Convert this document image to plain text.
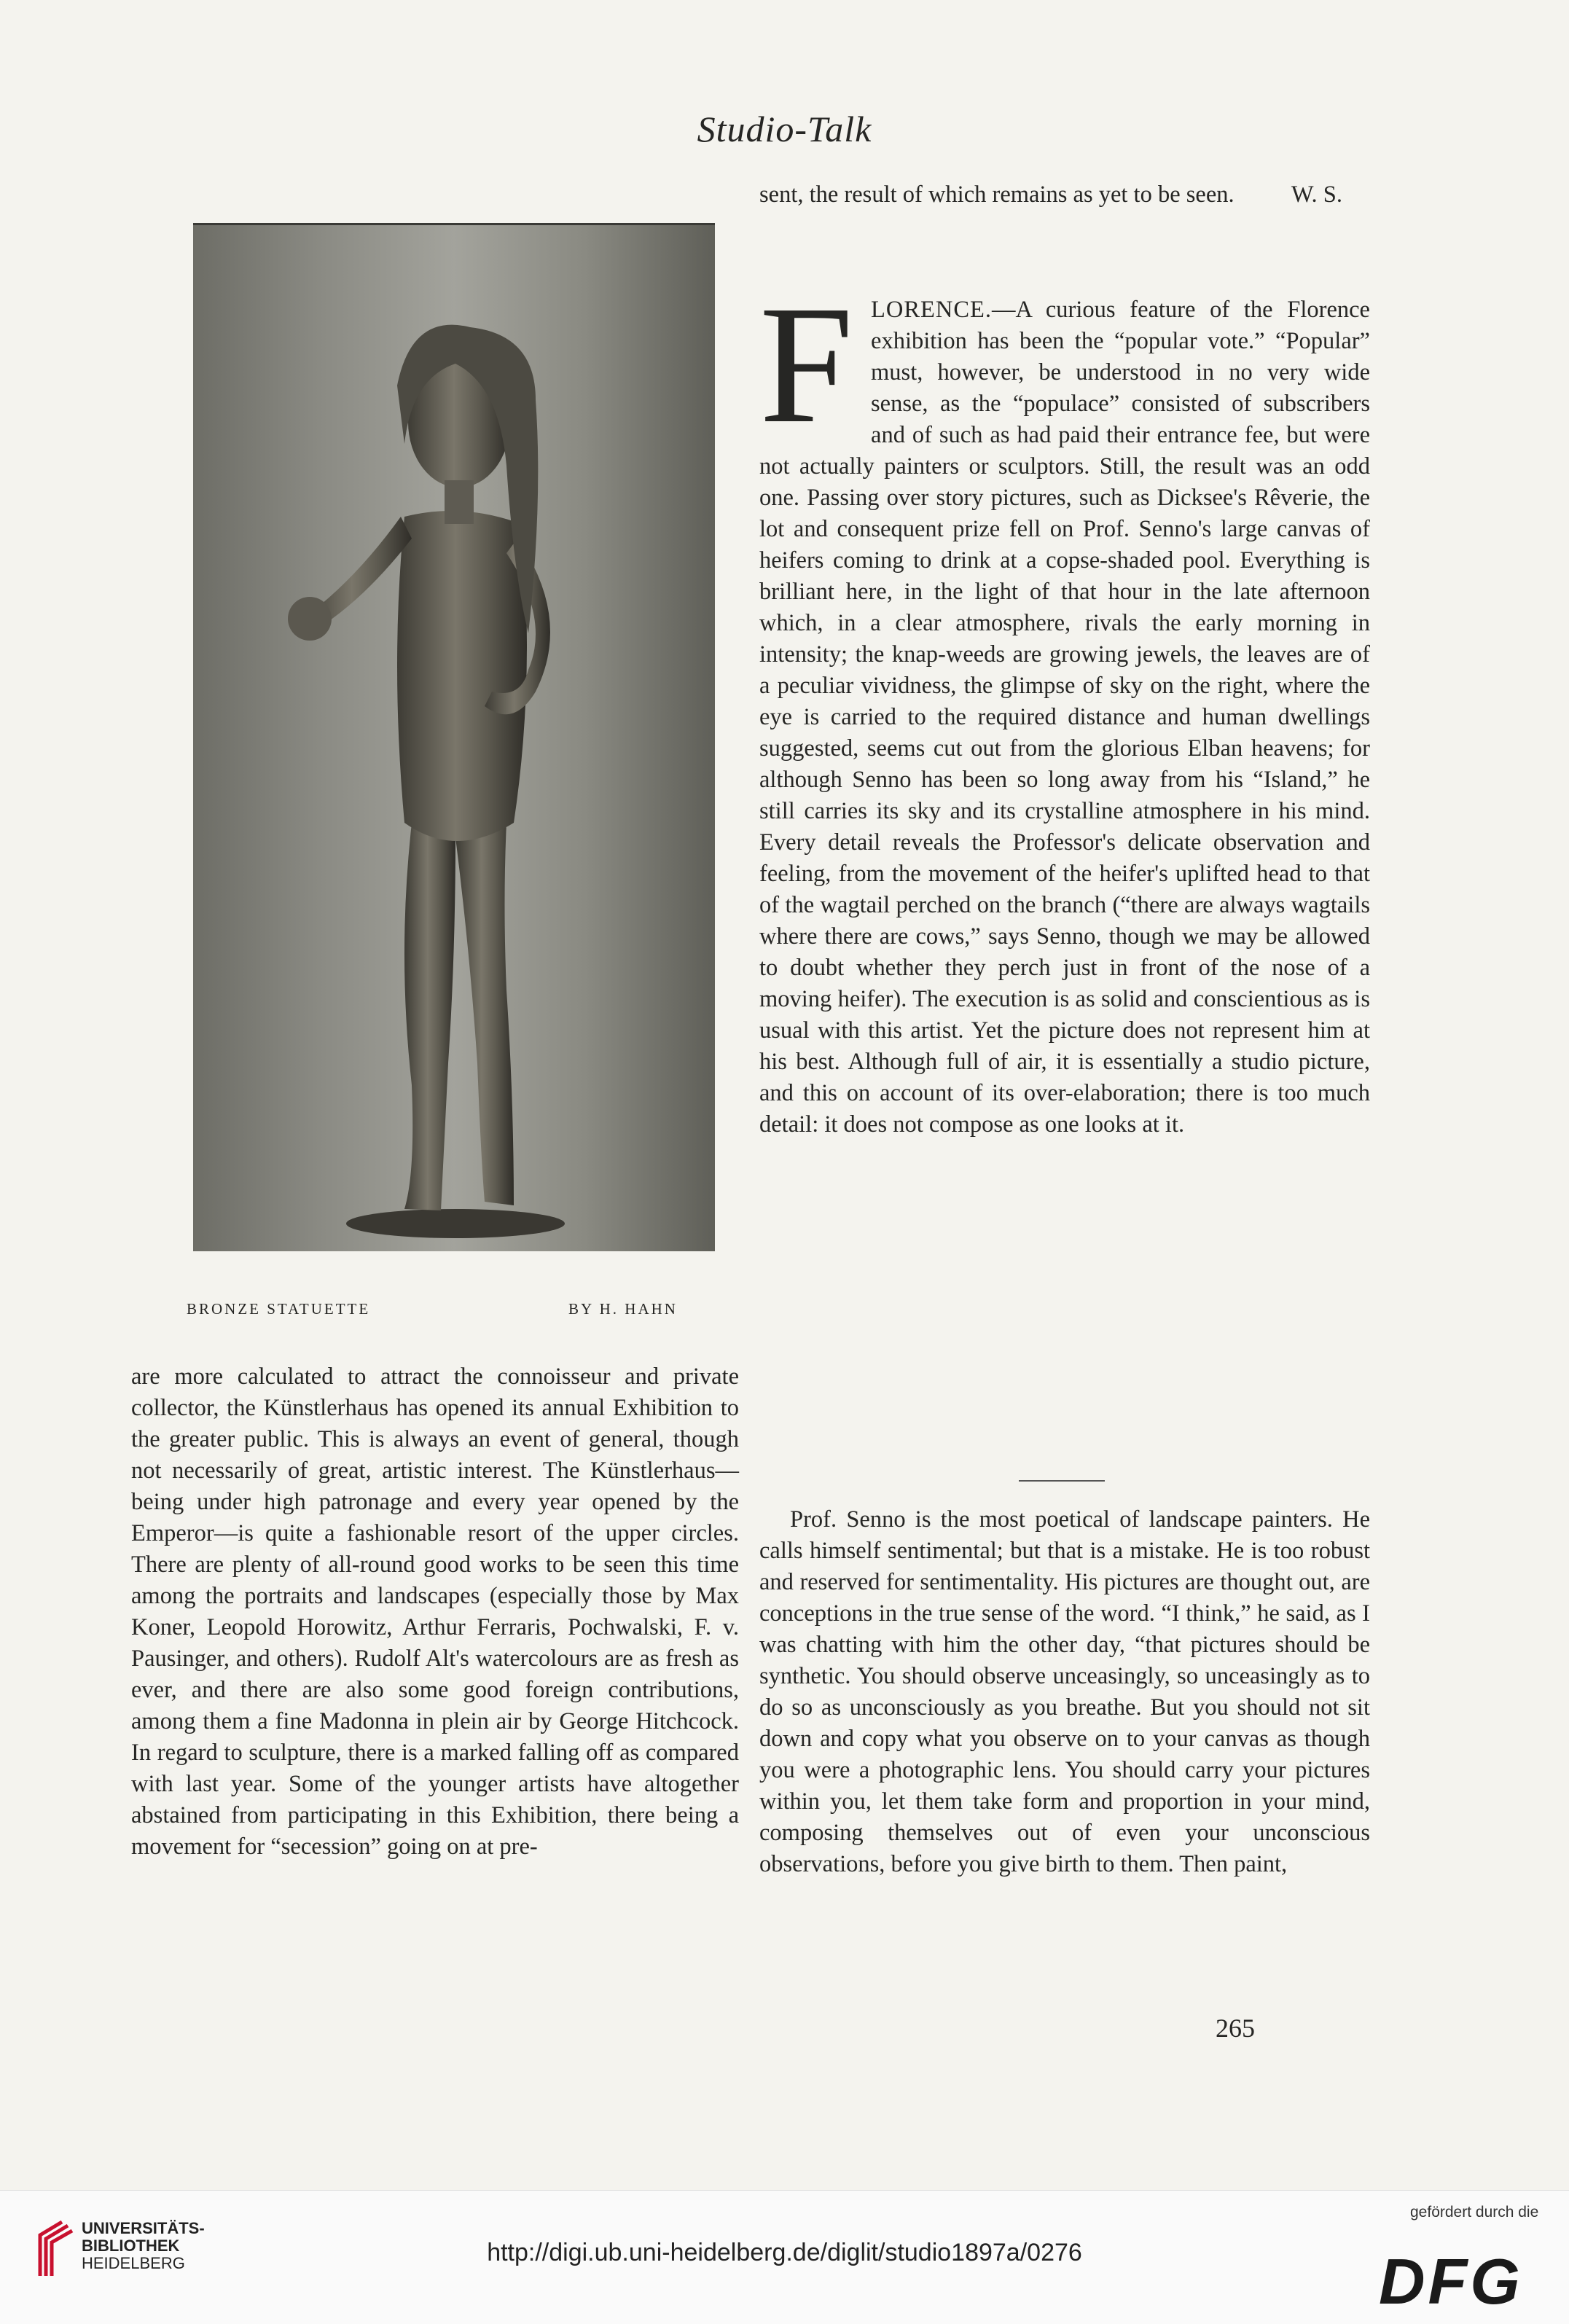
Studio-Talk
BRONZE STATUETTE	BY H. HAHN
are more calculated to attract the connoisseur and private collector, the Künstlerhaus has opened its annual Exhibition to the greater public. This is always an event of general, though not necessarily of great, artistic interest. The Künstlerhaus—being under high patronage and every year opened by the Emperor—is quite a fashionable resort of the upper circles. There are plenty of all-round good works to be seen this time among the portraits and landscapes (especially those by Max Koner, Leopold Horowitz, Arthur Ferraris, Pochwalski, F. v. Pausinger, and others). Rudolf Alt's watercolours are as fresh as ever, and there are also some good foreign contributions, among them a fine Madonna in plein air by George Hitchcock. In regard to sculpture, there is a marked falling off as compared with last year. Some of the younger artists have altogether abstained from participating in this Exhibition, there being a movement for “secession” going on at pre-
sent, the result of which remains as yet to be seen.	W. S.
FLORENCE.—A curious feature of the Florence exhibition has been the “popular vote.” “Popular” must, however, be understood in no very wide sense, as the “populace” consisted of subscribers and of such as had paid their entrance fee, but were not actually painters or sculptors. Still, the result was an odd one. Passing over story pictures, such as Dicksee's Rêverie, the lot and consequent prize fell on Prof. Senno's large canvas of heifers coming to drink at a copse-shaded pool. Everything is brilliant here, in the light of that hour in the late afternoon which, in a clear atmosphere, rivals the early morning in intensity; the knap-weeds are growing jewels, the leaves are of a peculiar vividness, the glimpse of sky on the right, where the eye is carried to the required distance and human dwellings suggested, seems cut out from the glorious Elban heavens; for although Senno has been so long away from his “Island,” he still carries its sky and its crystalline atmosphere in his mind. Every detail reveals the Professor's delicate observation and feeling, from the movement of the heifer's uplifted head to that of the wagtail perched on the branch (“there are always wagtails where there are cows,” says Senno, though we may be allowed to doubt whether they perch just in front of the nose of a moving heifer). The execution is as solid and conscientious as is usual with this artist. Yet the picture does not represent him at his best. Although full of air, it is essentially a studio picture, and this on account of its over-elaboration; there is too much detail: it does not compose as one looks at it.
Prof. Senno is the most poetical of landscape painters. He calls himself sentimental; but that is a mistake. He is too robust and reserved for sentimentality. His pictures are thought out, are conceptions in the true sense of the word. “I think,” he said, as I was chatting with him the other day, “that pictures should be synthetic. You should observe unceasingly, so unceasingly as to do so as unconsciously as you breathe. But you should not sit down and copy what you observe on to your canvas as though you were a photographic lens. You should carry your pictures within you, let them take form and proportion in your mind, composing themselves out of even your unconscious observations, before you give birth to them. Then paint,
265
UNIVERSITÄTS-
BIBLIOTHEK
HEIDELBERG	http://digi.ub.uni-heidelberg.de/diglit/studio1897a/0276
gefördert durch die
DFG
